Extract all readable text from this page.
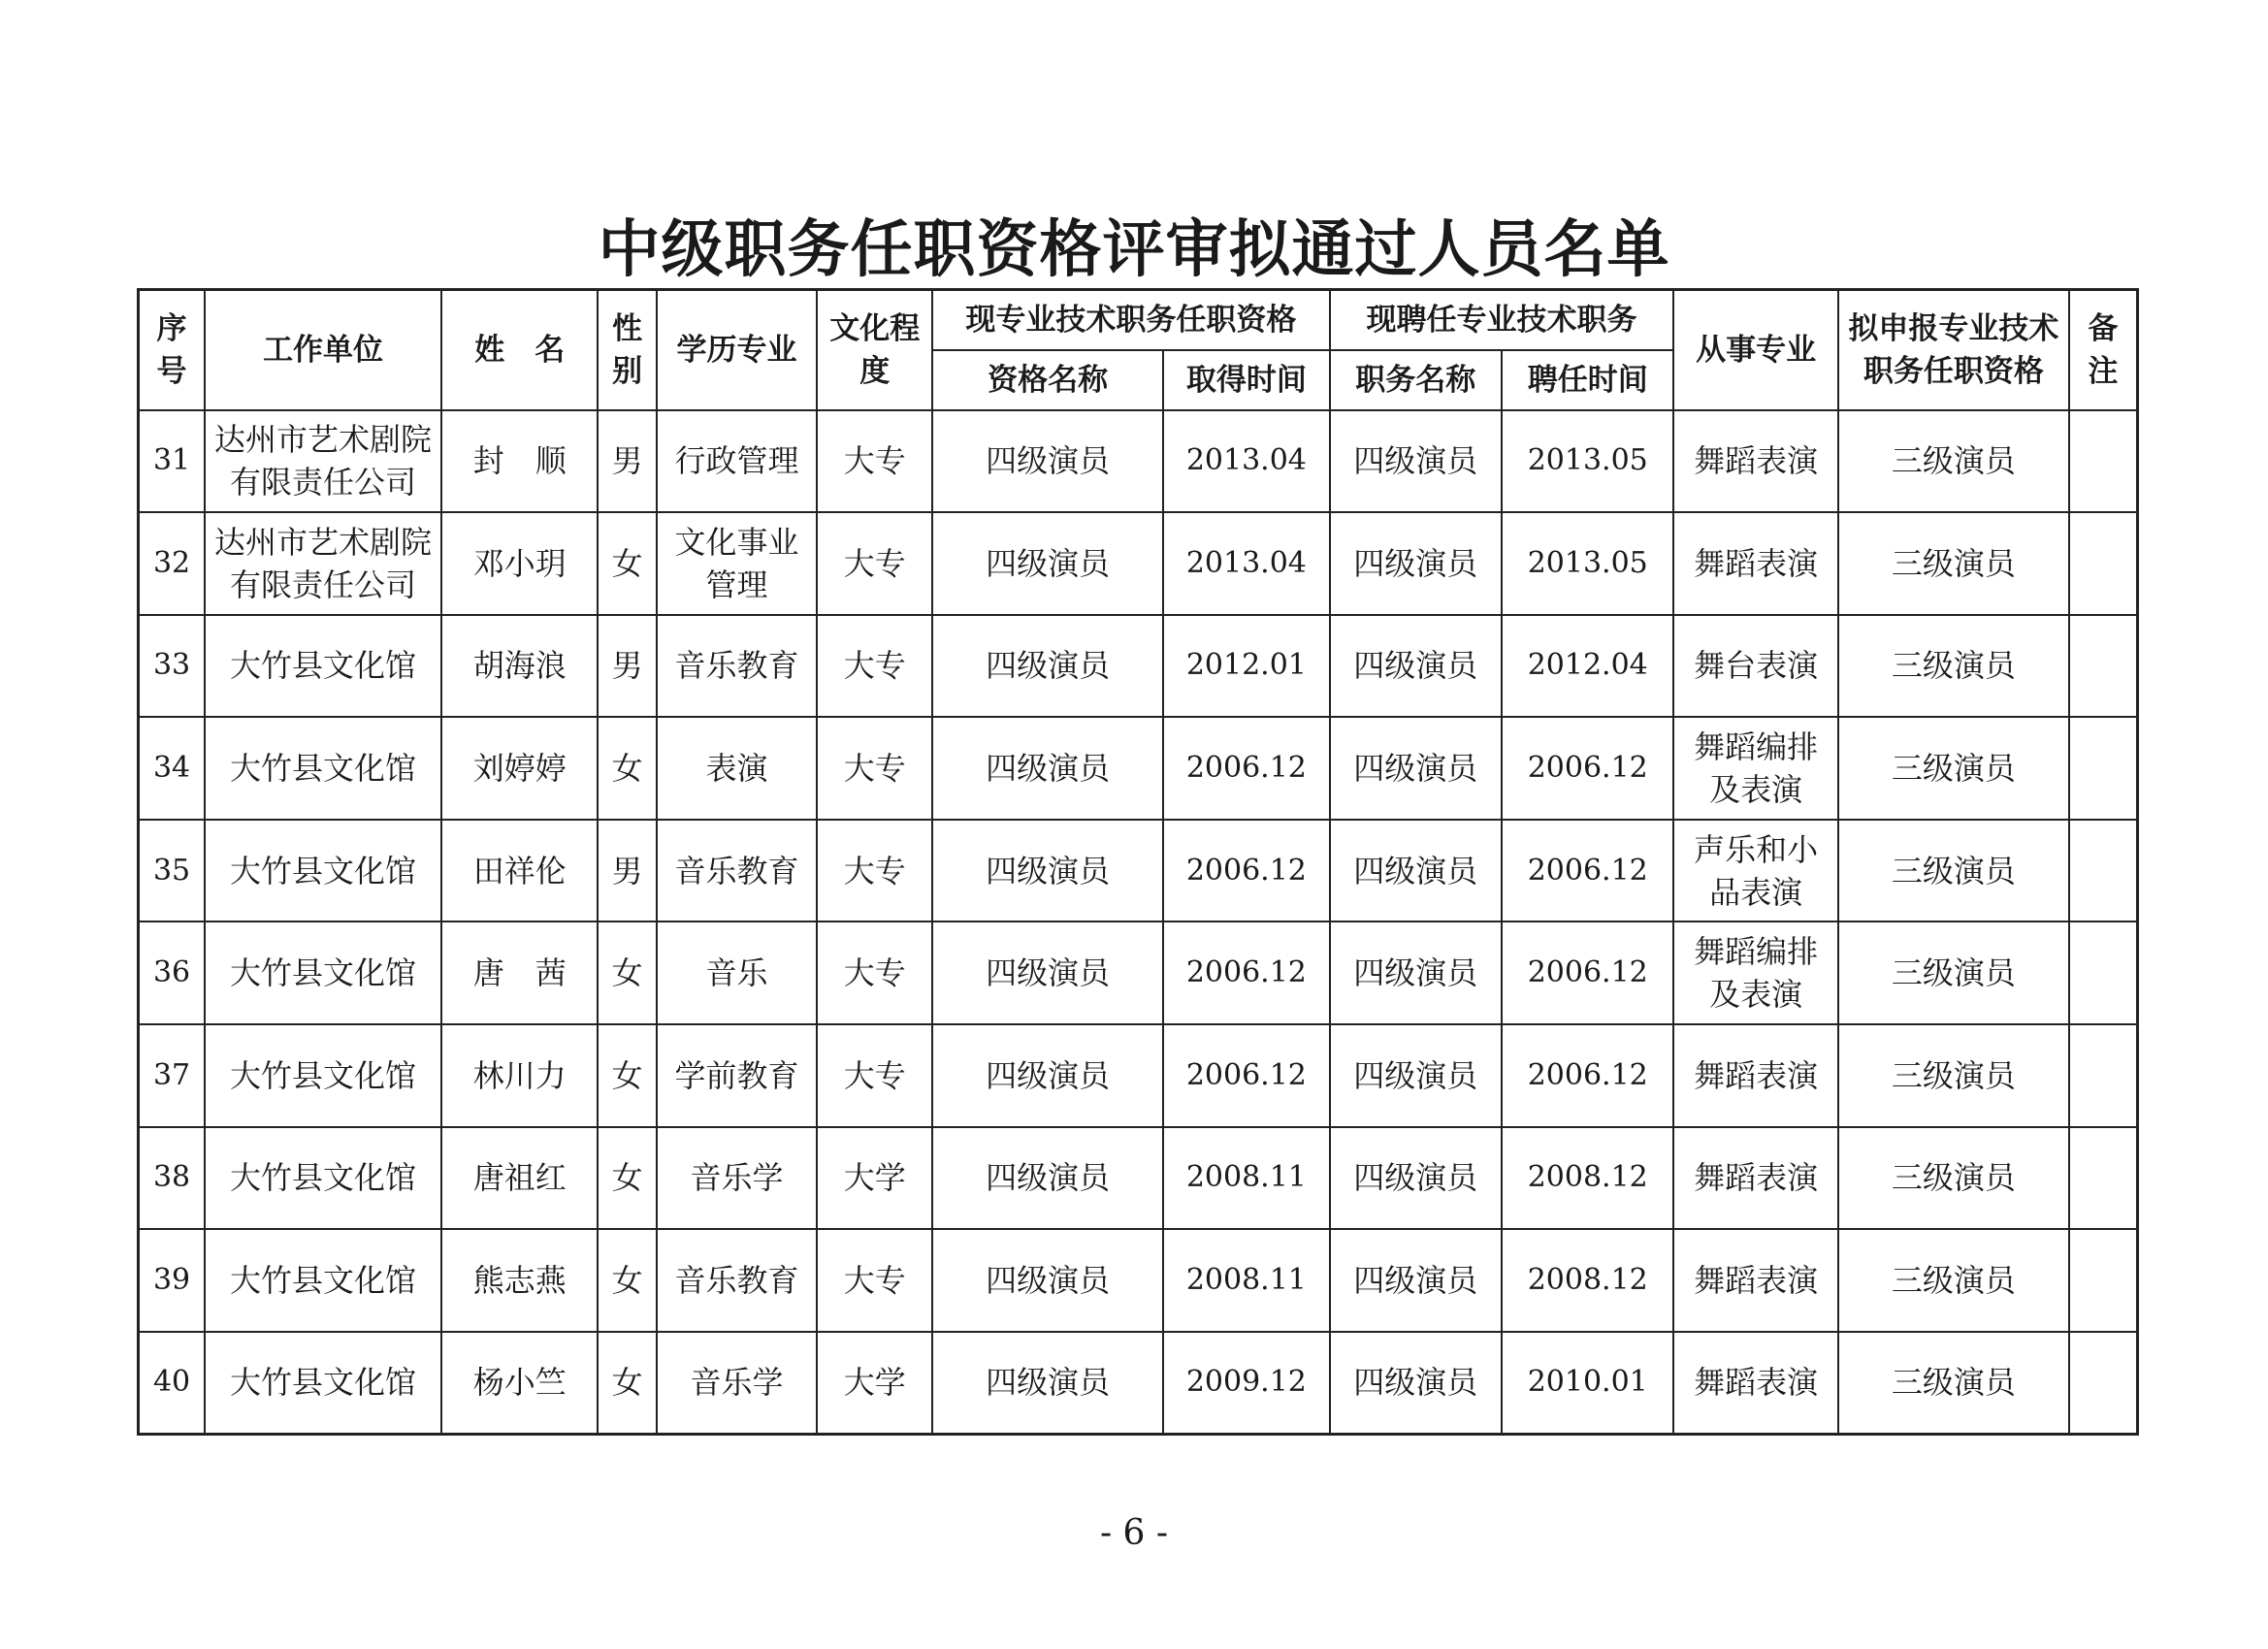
中级职务任职资格评审拟通过人员名单
序号	工作单位	姓　名	性别	学历专业	文化程度	现专业技术职务任职资格		现聘任专业技术职务		从事专业	拟申报专业技术职务任职资格	备注
						资格名称	取得时间	职务名称	聘任时间			
31	达州市艺术剧院有限责任公司	封　顺	男	行政管理	大专	四级演员	2013.04	四级演员	2013.05	舞蹈表演	三级演员	
32	达州市艺术剧院有限责任公司	邓小玥	女	文化事业管理	大专	四级演员	2013.04	四级演员	2013.05	舞蹈表演	三级演员	
33	大竹县文化馆	胡海浪	男	音乐教育	大专	四级演员	2012.01	四级演员	2012.04	舞台表演	三级演员	
34	大竹县文化馆	刘婷婷	女	表演	大专	四级演员	2006.12	四级演员	2006.12	舞蹈编排及表演	三级演员	
35	大竹县文化馆	田祥伦	男	音乐教育	大专	四级演员	2006.12	四级演员	2006.12	声乐和小品表演	三级演员	
36	大竹县文化馆	唐　茜	女	音乐	大专	四级演员	2006.12	四级演员	2006.12	舞蹈编排及表演	三级演员	
37	大竹县文化馆	林川力	女	学前教育	大专	四级演员	2006.12	四级演员	2006.12	舞蹈表演	三级演员	
38	大竹县文化馆	唐祖红	女	音乐学	大学	四级演员	2008.11	四级演员	2008.12	舞蹈表演	三级演员	
39	大竹县文化馆	熊志燕	女	音乐教育	大专	四级演员	2008.11	四级演员	2008.12	舞蹈表演	三级演员	
40	大竹县文化馆	杨小竺	女	音乐学	大学	四级演员	2009.12	四级演员	2010.01	舞蹈表演	三级演员	
- 6 -
